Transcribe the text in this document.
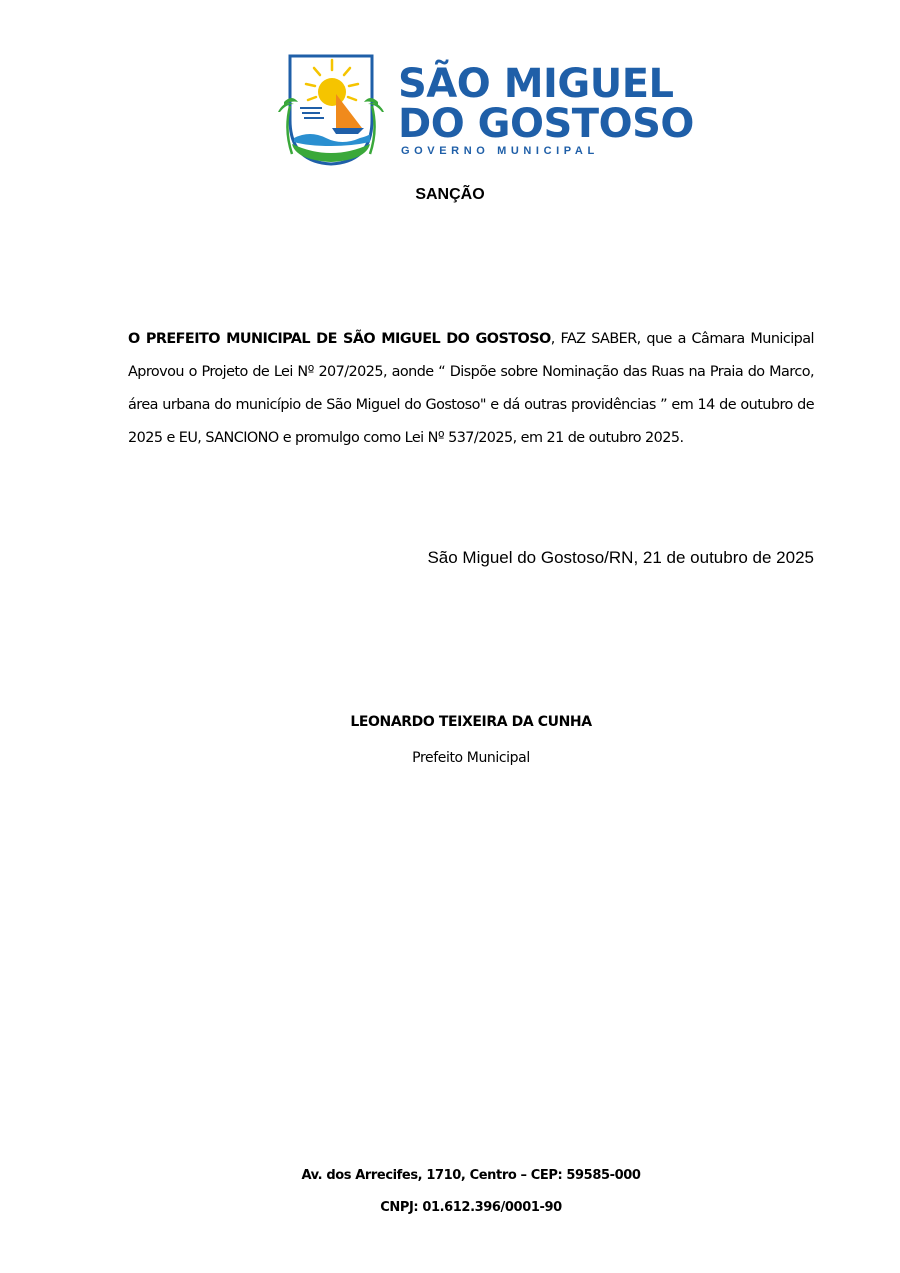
SÃO MIGUEL
DO GOSTOSO
GOVERNO MUNICIPAL
SANÇÃO
O PREFEITO MUNICIPAL DE SÃO MIGUEL DO GOSTOSO, FAZ SABER, que a Câmara Municipal Aprovou o Projeto de Lei Nº 207/2025, aonde “ Dispõe sobre Nominação das Ruas na Praia do Marco, área urbana do município de São Miguel do Gostoso" e dá outras providências ” em 14 de outubro de 2025 e EU, SANCIONO e promulgo como Lei Nº 537/2025, em 21 de outubro 2025.
São Miguel do Gostoso/RN, 21 de outubro de 2025
LEONARDO TEIXEIRA DA CUNHA
Prefeito Municipal
Av. dos Arrecifes, 1710, Centro – CEP: 59585-000
CNPJ: 01.612.396/0001-90
